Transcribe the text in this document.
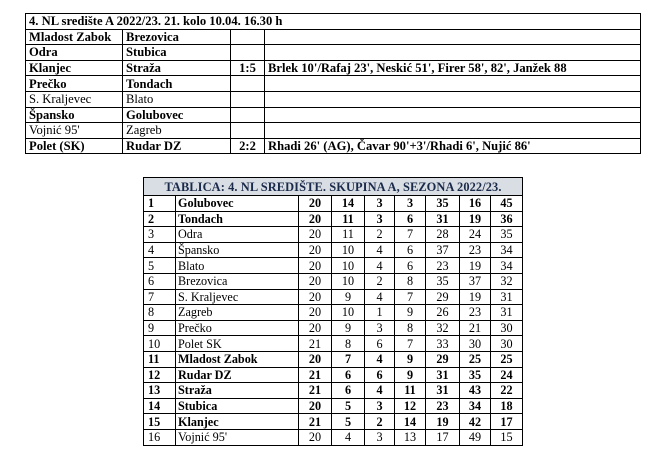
4. NL središte A 2022/23. 21. kolo 10.04. 16.30 h			
Mladost Zabok	Brezovica		
Odra	Stubica		
Klanjec	Straža	1:5	Brlek 10'/Rafaj 23', Neskić 51', Firer 58', 82', Janžek 88
Prečko	Tondach		
S. Kraljevec	Blato		
Špansko	Golubovec		
Vojnić 95'	Zagreb		
Polet (SK)	Rudar DZ	2:2	Rhadi 26' (AG), Čavar 90'+3'/Rhadi 6', Nujić 86'
TABLICA: 4. NL SREDIŠTE. SKUPINA A, SEZONA 2022/23.								
1	Golubovec	20	14	3	3	35	16	45
2	Tondach	20	11	3	6	31	19	36
3	Odra	20	11	2	7	28	24	35
4	Špansko	20	10	4	6	37	23	34
5	Blato	20	10	4	6	23	19	34
6	Brezovica	20	10	2	8	35	37	32
7	S. Kraljevec	20	9	4	7	29	19	31
8	Zagreb	20	10	1	9	26	23	31
9	Prečko	20	9	3	8	32	21	30
10	Polet SK	21	8	6	7	33	30	30
11	Mladost Zabok	20	7	4	9	29	25	25
12	Rudar DZ	21	6	6	9	31	35	24
13	Straža	21	6	4	11	31	43	22
14	Stubica	20	5	3	12	23	34	18
15	Klanjec	21	5	2	14	19	42	17
16	Vojnić 95'	20	4	3	13	17	49	15
